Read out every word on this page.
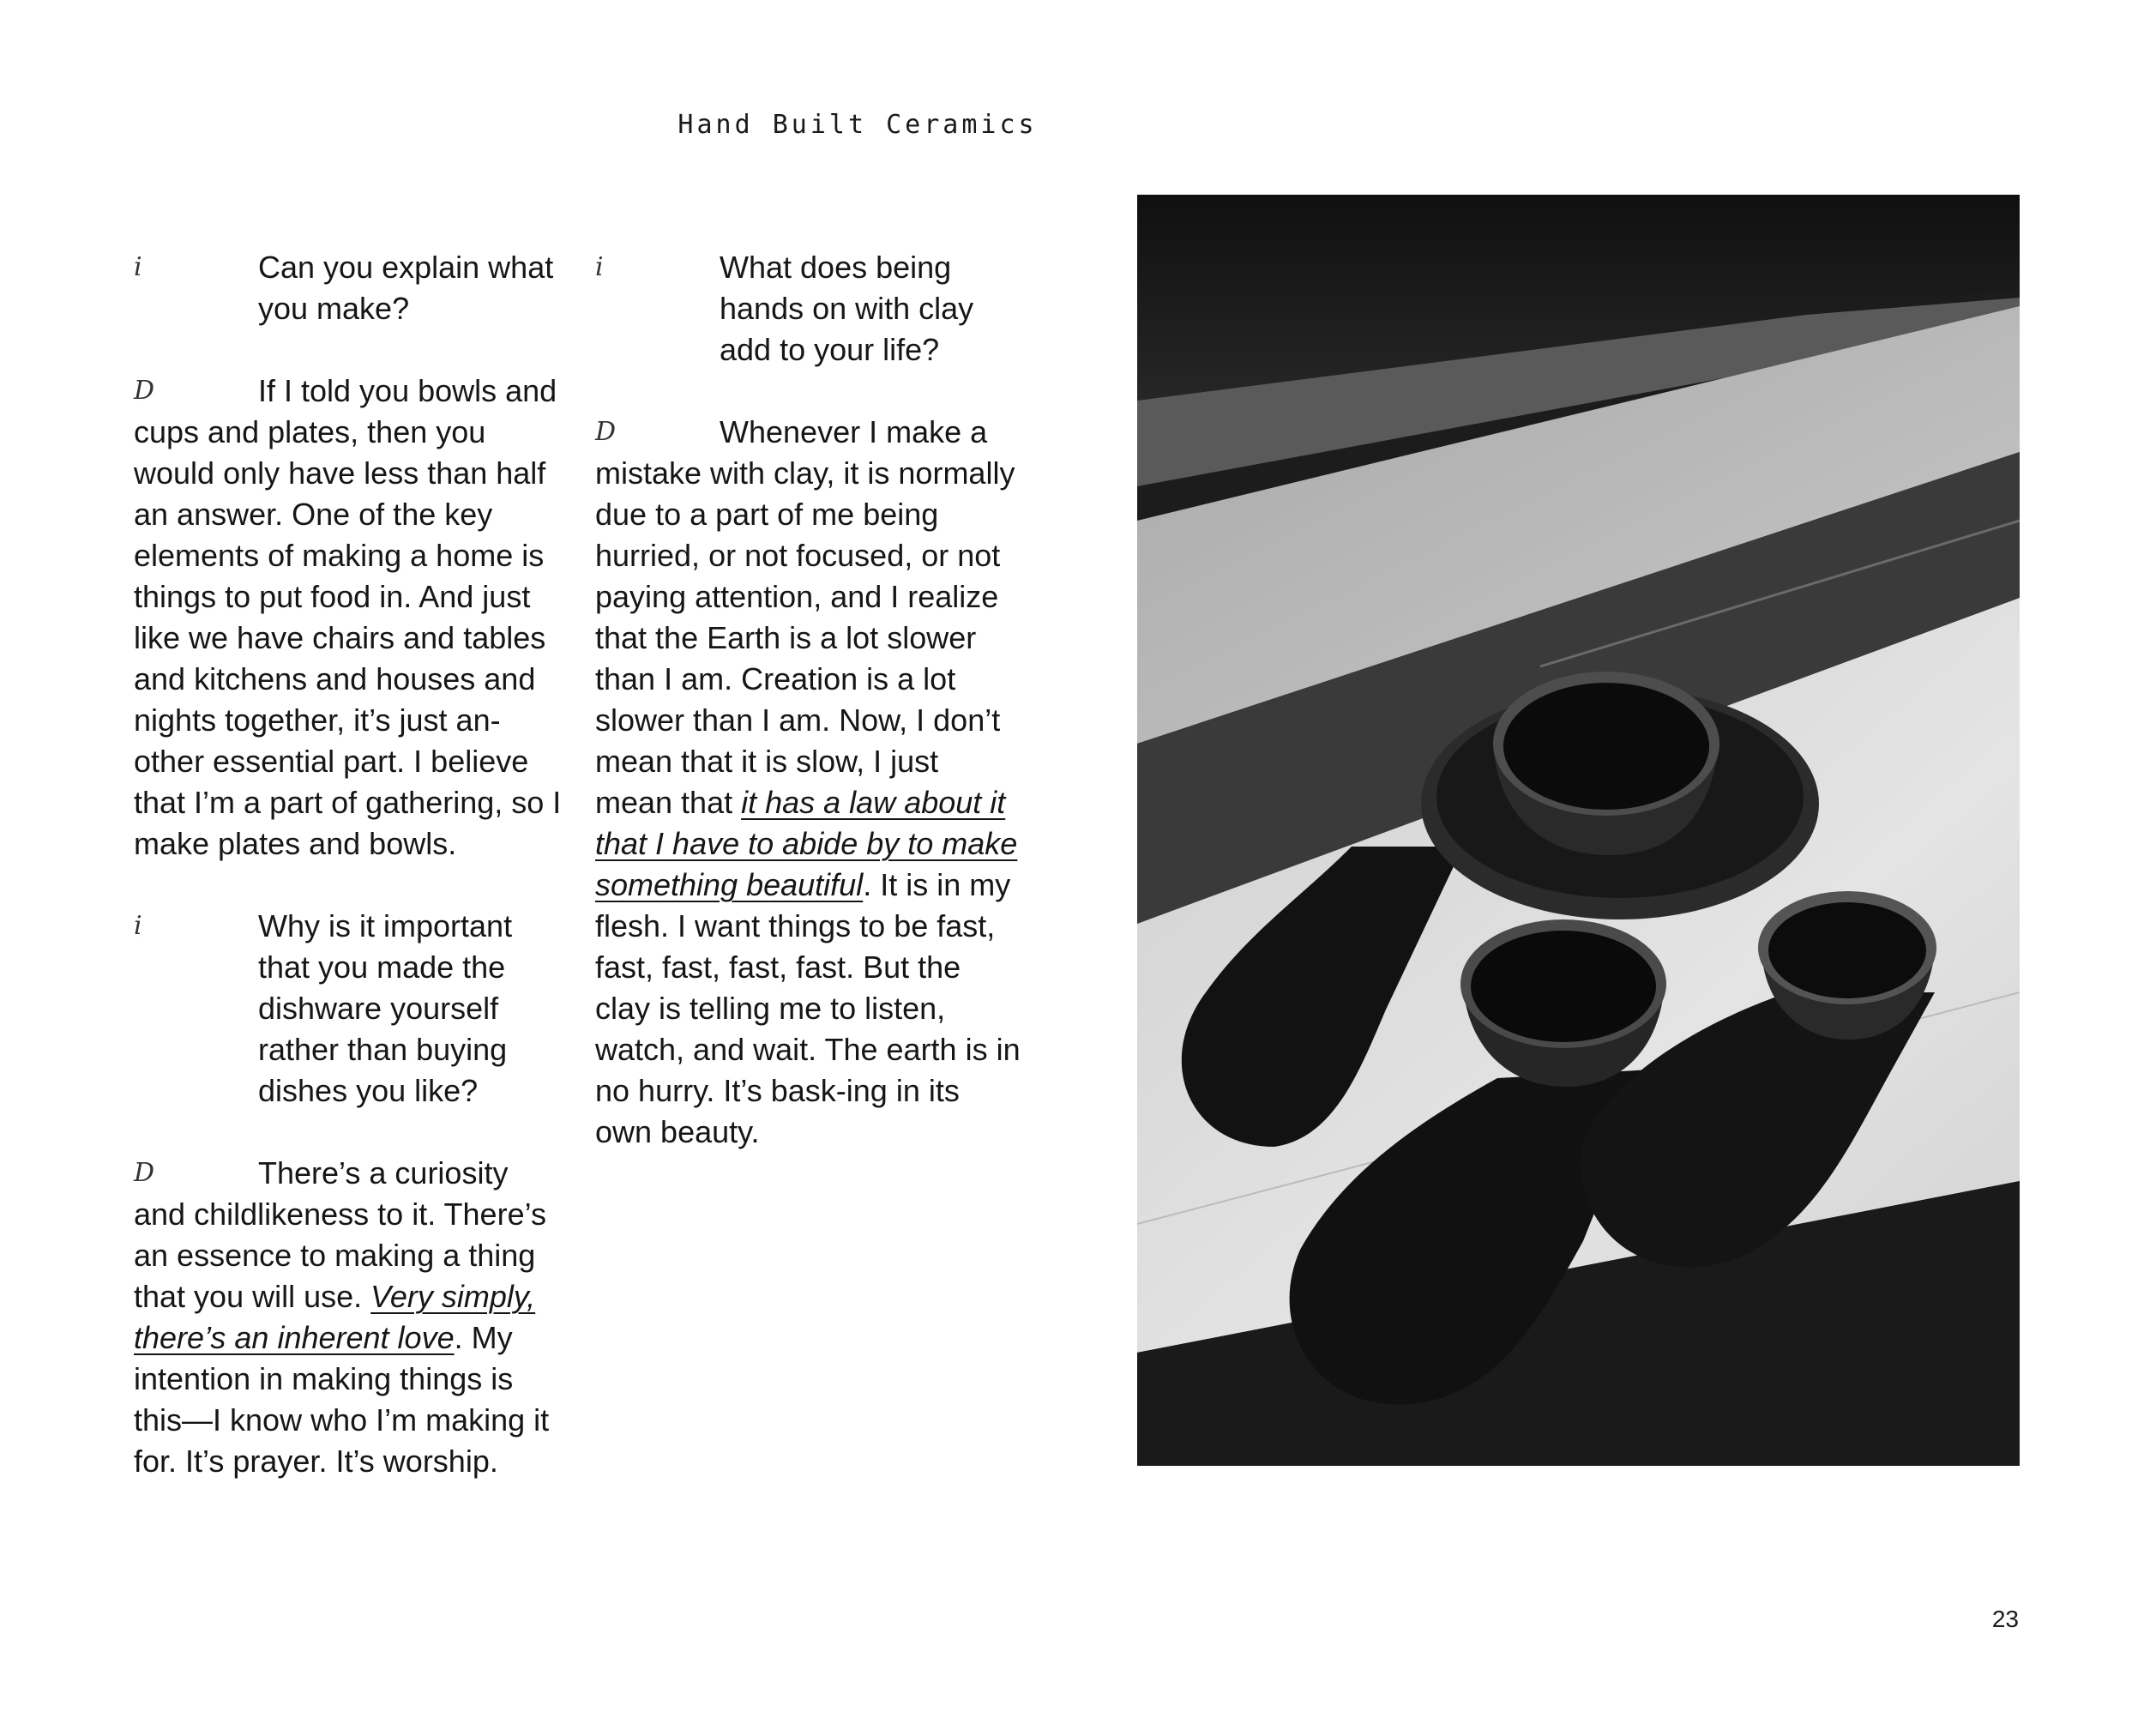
Hand Built Ceramics
i	Can you explain what you make?
D	If I told you bowls and cups and plates, then you would only have less than half an answer. One of the key elements of making a home is things to put food in. And just like we have chairs and tables and kitchens and houses and nights together, it’s just an-other essential part. I believe that I’m a part of gathering, so I make plates and bowls.
i	Why is it important that you made the dishware yourself rather than buying dishes you like?
D	There’s a curiosity and childlikeness to it. There’s an essence to making a thing that you will use. Very simply, there’s an inherent love. My intention in making things is this—I know who I’m making it for. It’s prayer. It’s worship.
i	What does being hands on with clay add to your life?
D	Whenever I make a mistake with clay, it is normally due to a part of me being hurried, or not focused, or not paying attention, and I realize that the Earth is a lot slower than I am. Creation is a lot slower than I am. Now, I don’t mean that it is slow, I just mean that it has a law about it that I have to abide by to make something beautiful. It is in my flesh. I want things to be fast, fast, fast, fast, fast. But the clay is telling me to listen, watch, and wait. The earth is in no hurry. It’s bask-ing in its own beauty.
23
